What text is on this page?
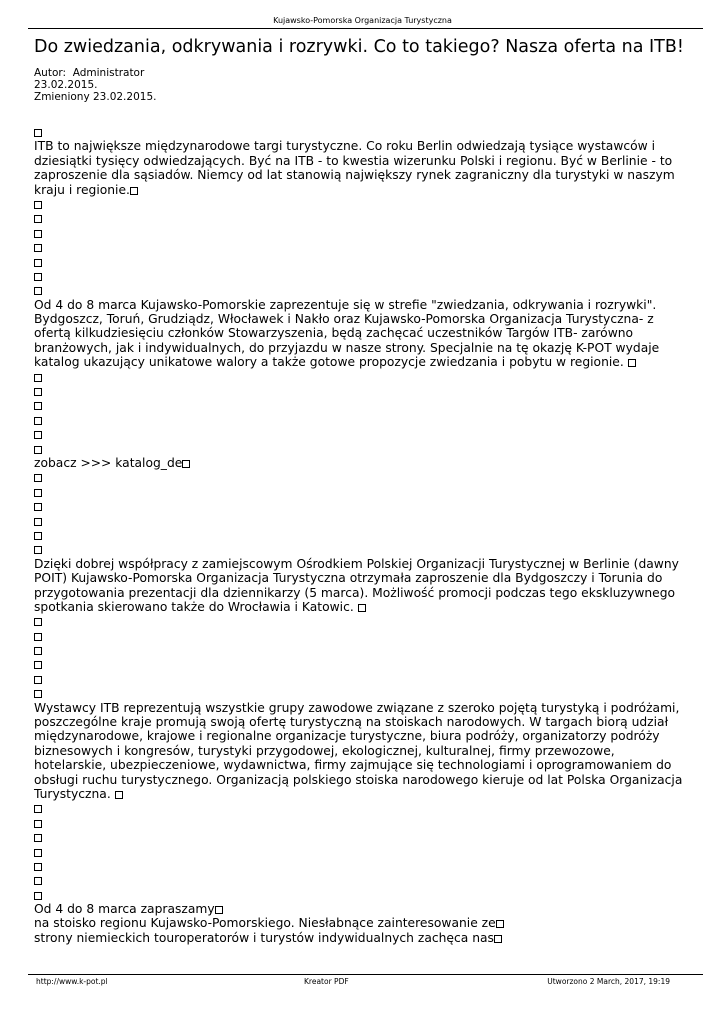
Kujawsko-Pomorska Organizacja Turystyczna
Do zwiedzania, odkrywania i rozrywki. Co to takiego? Nasza oferta na ITB!
Autor:  Administrator
23.02.2015.
Zmieniony 23.02.2015.
ITB to największe międzynarodowe targi turystyczne. Co roku Berlin odwiedzają tysiące wystawców i
dziesiątki tysięcy odwiedzających. Być na ITB - to kwestia wizerunku Polski i regionu. Być w Berlinie - to
zaproszenie dla sąsiadów. Niemcy od lat stanowią największy rynek zagraniczny dla turystyki w naszym
kraju i regionie.
Od 4 do 8 marca Kujawsko-Pomorskie zaprezentuje się w strefie "zwiedzania, odkrywania i rozrywki".
Bydgoszcz, Toruń, Grudziądz, Włocławek i Nakło oraz Kujawsko-Pomorska Organizacja Turystyczna- z
ofertą kilkudziesięciu członków Stowarzyszenia, będą zachęcać uczestników Targów ITB- zarówno
branżowych, jak i indywidualnych, do przyjazdu w nasze strony. Specjalnie na tę okazję K-POT wydaje
katalog ukazujący unikatowe walory a także gotowe propozycje zwiedzania i pobytu w regionie.
zobacz >>> katalog_de
Dzięki dobrej współpracy z zamiejscowym Ośrodkiem Polskiej Organizacji Turystycznej w Berlinie (dawny
POIT) Kujawsko-Pomorska Organizacja Turystyczna otrzymała zaproszenie dla Bydgoszczy i Torunia do
przygotowania prezentacji dla dziennikarzy (5 marca). Możliwość promocji podczas tego ekskluzywnego
spotkania skierowano także do Wrocławia i Katowic.
Wystawcy ITB reprezentują wszystkie grupy zawodowe związane z szeroko pojętą turystyką i podróżami,
poszczególne kraje promują swoją ofertę turystyczną na stoiskach narodowych. W targach biorą udział
międzynarodowe, krajowe i regionalne organizacje turystyczne, biura podróży, organizatorzy podróży
biznesowych i kongresów, turystyki przygodowej, ekologicznej, kulturalnej, firmy przewozowe,
hotelarskie, ubezpieczeniowe, wydawnictwa, firmy zajmujące się technologiami i oprogramowaniem do
obsługi ruchu turystycznego. Organizacją polskiego stoiska narodowego kieruje od lat Polska Organizacja
Turystyczna.
Od 4 do 8 marca zapraszamy
na stoisko regionu Kujawsko-Pomorskiego. Niesłabnące zainteresowanie ze
strony niemieckich touroperatorów i turystów indywidualnych zachęca nas
http://www.k-pot.pl	Kreator PDF	Utworzono 2 March, 2017, 19:19
